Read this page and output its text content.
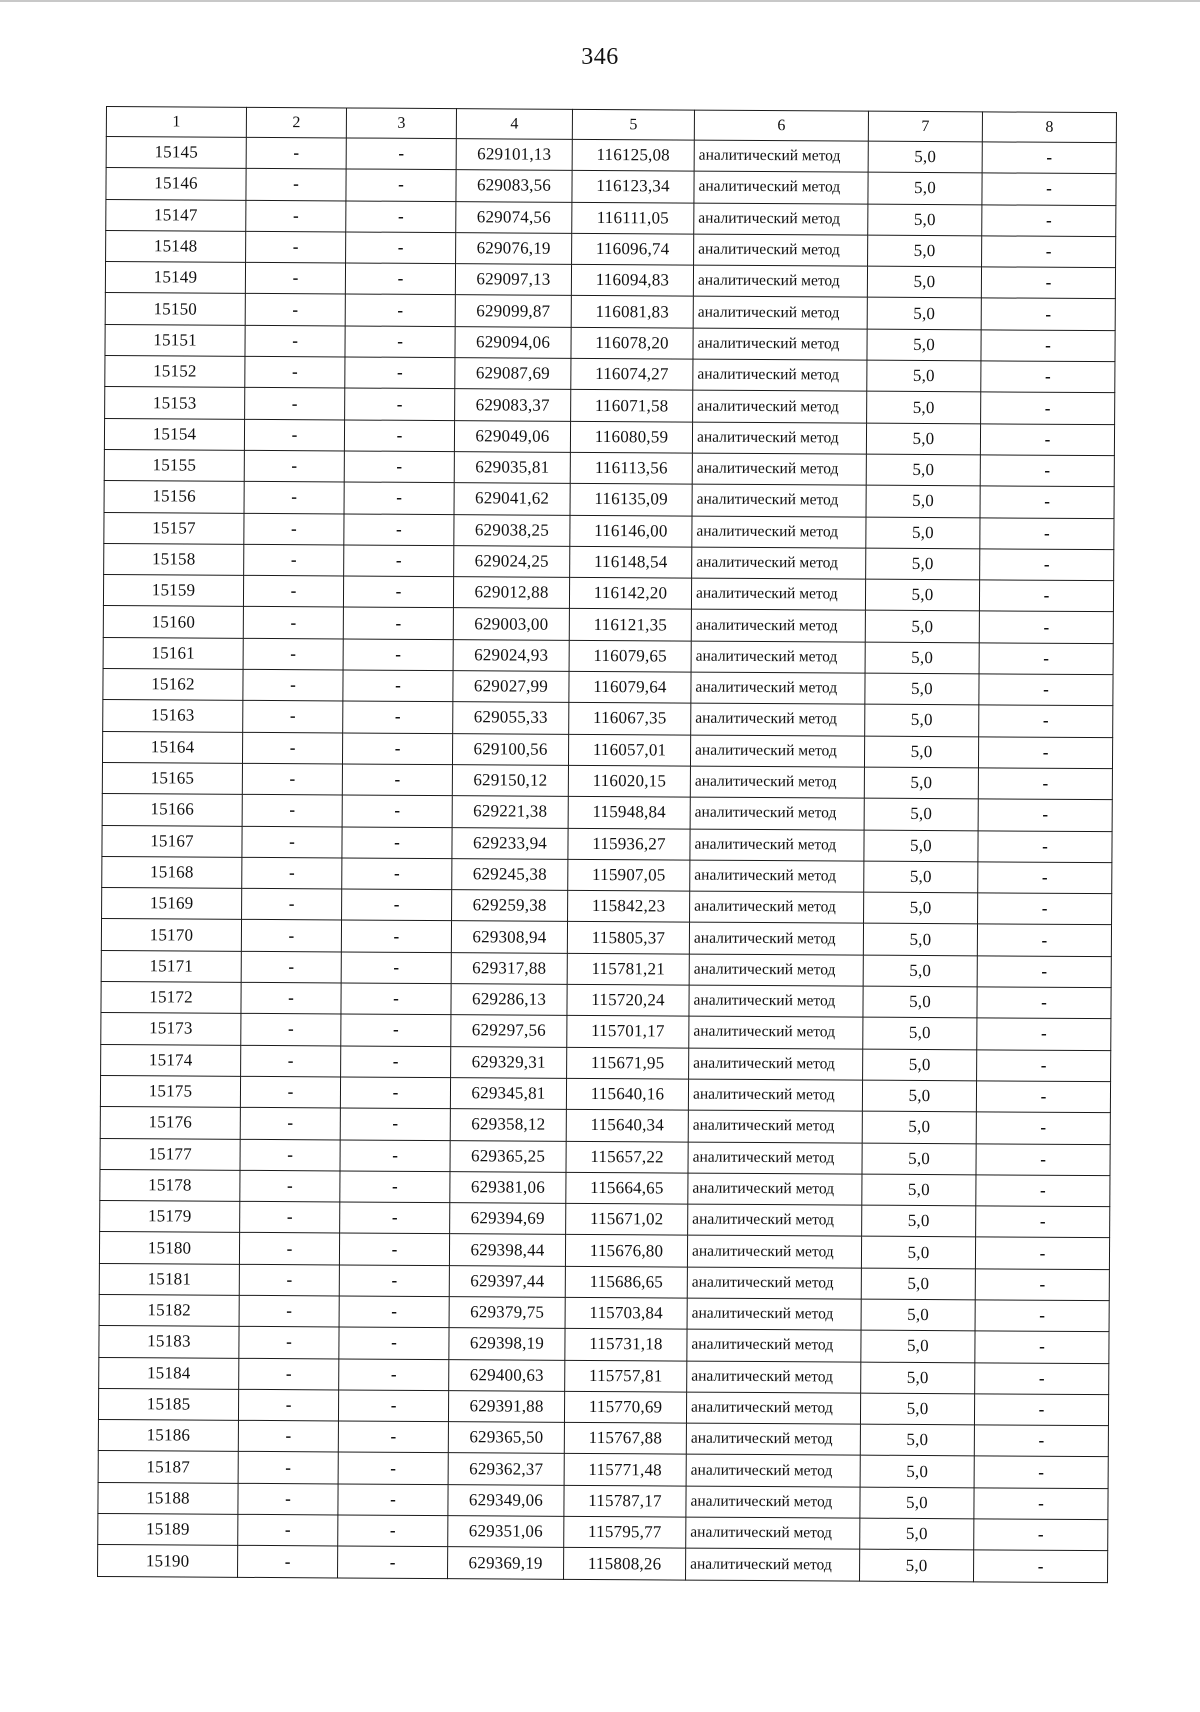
346
1	2	3	4	5	6	7	8
15145	-	-	629101,13	116125,08	аналитический метод	5,0	-
15146	-	-	629083,56	116123,34	аналитический метод	5,0	-
15147	-	-	629074,56	116111,05	аналитический метод	5,0	-
15148	-	-	629076,19	116096,74	аналитический метод	5,0	-
15149	-	-	629097,13	116094,83	аналитический метод	5,0	-
15150	-	-	629099,87	116081,83	аналитический метод	5,0	-
15151	-	-	629094,06	116078,20	аналитический метод	5,0	-
15152	-	-	629087,69	116074,27	аналитический метод	5,0	-
15153	-	-	629083,37	116071,58	аналитический метод	5,0	-
15154	-	-	629049,06	116080,59	аналитический метод	5,0	-
15155	-	-	629035,81	116113,56	аналитический метод	5,0	-
15156	-	-	629041,62	116135,09	аналитический метод	5,0	-
15157	-	-	629038,25	116146,00	аналитический метод	5,0	-
15158	-	-	629024,25	116148,54	аналитический метод	5,0	-
15159	-	-	629012,88	116142,20	аналитический метод	5,0	-
15160	-	-	629003,00	116121,35	аналитический метод	5,0	-
15161	-	-	629024,93	116079,65	аналитический метод	5,0	-
15162	-	-	629027,99	116079,64	аналитический метод	5,0	-
15163	-	-	629055,33	116067,35	аналитический метод	5,0	-
15164	-	-	629100,56	116057,01	аналитический метод	5,0	-
15165	-	-	629150,12	116020,15	аналитический метод	5,0	-
15166	-	-	629221,38	115948,84	аналитический метод	5,0	-
15167	-	-	629233,94	115936,27	аналитический метод	5,0	-
15168	-	-	629245,38	115907,05	аналитический метод	5,0	-
15169	-	-	629259,38	115842,23	аналитический метод	5,0	-
15170	-	-	629308,94	115805,37	аналитический метод	5,0	-
15171	-	-	629317,88	115781,21	аналитический метод	5,0	-
15172	-	-	629286,13	115720,24	аналитический метод	5,0	-
15173	-	-	629297,56	115701,17	аналитический метод	5,0	-
15174	-	-	629329,31	115671,95	аналитический метод	5,0	-
15175	-	-	629345,81	115640,16	аналитический метод	5,0	-
15176	-	-	629358,12	115640,34	аналитический метод	5,0	-
15177	-	-	629365,25	115657,22	аналитический метод	5,0	-
15178	-	-	629381,06	115664,65	аналитический метод	5,0	-
15179	-	-	629394,69	115671,02	аналитический метод	5,0	-
15180	-	-	629398,44	115676,80	аналитический метод	5,0	-
15181	-	-	629397,44	115686,65	аналитический метод	5,0	-
15182	-	-	629379,75	115703,84	аналитический метод	5,0	-
15183	-	-	629398,19	115731,18	аналитический метод	5,0	-
15184	-	-	629400,63	115757,81	аналитический метод	5,0	-
15185	-	-	629391,88	115770,69	аналитический метод	5,0	-
15186	-	-	629365,50	115767,88	аналитический метод	5,0	-
15187	-	-	629362,37	115771,48	аналитический метод	5,0	-
15188	-	-	629349,06	115787,17	аналитический метод	5,0	-
15189	-	-	629351,06	115795,77	аналитический метод	5,0	-
15190	-	-	629369,19	115808,26	аналитический метод	5,0	-
